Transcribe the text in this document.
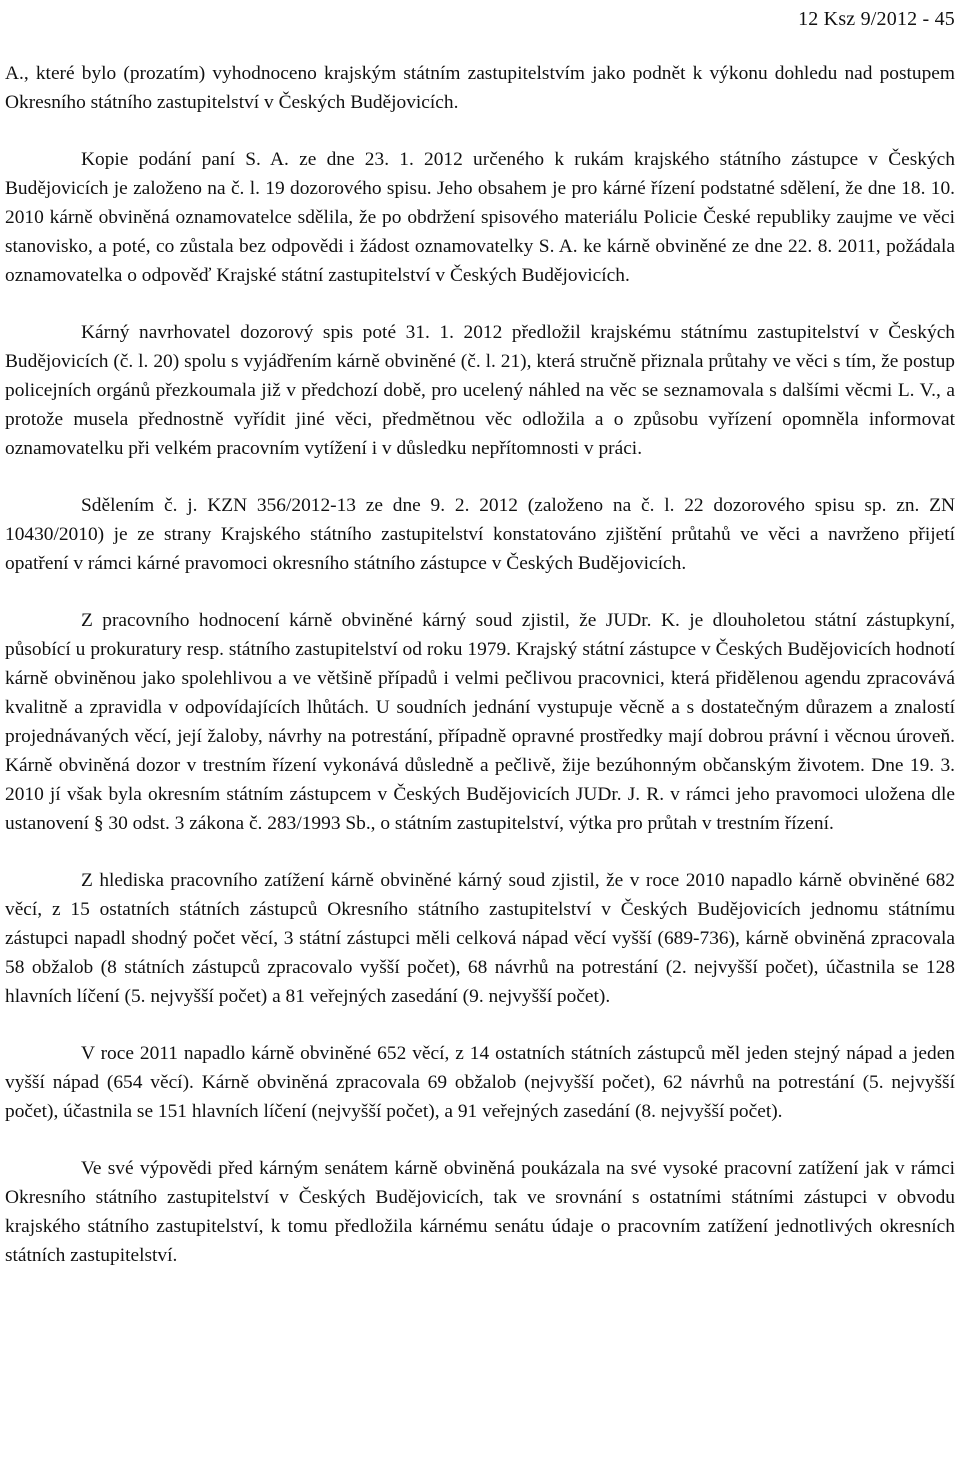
12 Ksz 9/2012 - 45

A., které bylo (prozatím) vyhodnoceno krajským státním zastupitelstvím jako podnět k výkonu dohledu nad postupem Okresního státního zastupitelství v Českých Budějovicích.

Kopie podání paní S. A. ze dne 23. 1. 2012 určeného k rukám krajského státního zástupce v Českých Budějovicích je založeno na č. l. 19 dozorového spisu. Jeho obsahem je pro kárné řízení podstatné sdělení, že dne 18. 10. 2010 kárně obviněná oznamovatelce sdělila, že po obdržení spisového materiálu Policie České republiky zaujme ve věci stanovisko, a poté, co zůstala bez odpovědi i žádost oznamovatelky S. A. ke kárně obviněné ze dne 22. 8. 2011, požádala oznamovatelka o odpověď Krajské státní zastupitelství v Českých Budějovicích.

Kárný navrhovatel dozorový spis poté 31. 1. 2012 předložil krajskému státnímu zastupitelství v Českých Budějovicích (č. l. 20) spolu s vyjádřením kárně obviněné (č. l. 21), která stručně přiznala průtahy ve věci s tím, že postup policejních orgánů přezkoumala již v předchozí době, pro ucelený náhled na věc se seznamovala s dalšími věcmi L. V., a protože musela přednostně vyřídit jiné věci, předmětnou věc odložila a o způsobu vyřízení opomněla informovat oznamovatelku při velkém pracovním vytížení i v důsledku nepřítomnosti v práci.

Sdělením č. j. KZN 356/2012-13 ze dne 9. 2. 2012 (založeno na č. l. 22 dozorového spisu sp. zn. ZN 10430/2010) je ze strany Krajského státního zastupitelství konstatováno zjištění průtahů ve věci a navrženo přijetí opatření v rámci kárné pravomoci okresního státního zástupce v Českých Budějovicích.

Z pracovního hodnocení kárně obviněné kárný soud zjistil, že JUDr. K. je dlouholetou státní zástupkyní, působící u prokuratury resp. státního zastupitelství od roku 1979. Krajský státní zástupce v Českých Budějovicích hodnotí kárně obviněnou jako spolehlivou a ve většině případů i velmi pečlivou pracovnici, která přidělenou agendu zpracovává kvalitně a zpravidla v odpovídajících lhůtách. U soudních jednání vystupuje věcně a s dostatečným důrazem a znalostí projednávaných věcí, její žaloby, návrhy na potrestání, případně opravné prostředky mají dobrou právní i věcnou úroveň. Kárně obviněná dozor v trestním řízení vykonává důsledně a pečlivě, žije bezúhonným občanským životem. Dne 19. 3. 2010 jí však byla okresním státním zástupcem v Českých Budějovicích JUDr. J. R. v rámci jeho pravomoci uložena dle ustanovení § 30 odst. 3 zákona č. 283/1993 Sb., o státním zastupitelství, výtka pro průtah v trestním řízení.

Z hlediska pracovního zatížení kárně obviněné kárný soud zjistil, že v roce 2010 napadlo kárně obviněné 682 věcí, z 15 ostatních státních zástupců Okresního státního zastupitelství v Českých Budějovicích jednomu státnímu zástupci napadl shodný počet věcí, 3 státní zástupci měli celková nápad věcí vyšší (689-736), kárně obviněná zpracovala 58 obžalob (8 státních zástupců zpracovalo vyšší počet), 68 návrhů na potrestání (2. nejvyšší počet), účastnila se 128 hlavních líčení (5. nejvyšší počet) a 81 veřejných zasedání (9. nejvyšší počet).

V roce 2011 napadlo kárně obviněné 652 věcí, z 14 ostatních státních zástupců měl jeden stejný nápad a jeden vyšší nápad (654 věcí). Kárně obviněná zpracovala 69 obžalob (nejvyšší počet), 62 návrhů na potrestání (5. nejvyšší počet), účastnila se 151 hlavních líčení (nejvyšší počet), a 91 veřejných zasedání (8. nejvyšší počet).

Ve své výpovědi před kárným senátem kárně obviněná poukázala na své vysoké pracovní zatížení jak v rámci Okresního státního zastupitelství v Českých Budějovicích, tak ve srovnání s ostatními státními zástupci v obvodu krajského státního zastupitelství, k tomu předložila kárnému senátu údaje o pracovním zatížení jednotlivých okresních státních zastupitelství.
